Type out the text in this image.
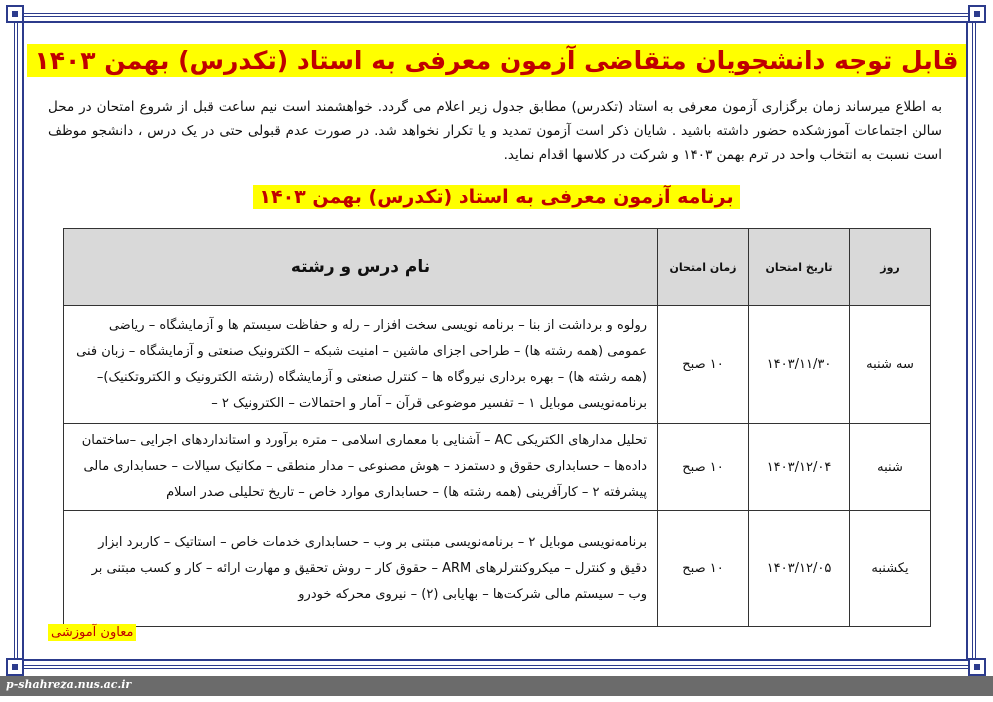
قابل توجه دانشجویان متقاضی آزمون معرفی به استاد (تکدرس) بهمن ۱۴۰۳
به اطلاع میرساند زمان برگزاری آزمون معرفی به استاد (تکدرس) مطابق جدول زیر اعلام می گردد. خواهشمند است نیم ساعت قبل از شروع امتحان در محل سالن اجتماعات آموزشکده حضور داشته باشید . شایان ذکر است آزمون تمدید و یا تکرار نخواهد شد. در صورت عدم قبولی حتی در یک درس ، دانشجو موظف است نسبت به انتخاب واحد در ترم بهمن ۱۴۰۳ و شرکت در کلاسها اقدام نماید.
برنامه آزمون معرفی به استاد (تکدرس) بهمن ۱۴۰۳
روز	تاریخ امتحان	زمان امتحان	نام درس و رشته
سه شنبه	۱۴۰۳/۱۱/۳۰	۱۰ صبح	رولوه و برداشت از بنا – برنامه نویسی سخت افزار – رله و حفاظت سیستم ها و آزمایشگاه – ریاضی عمومی (همه رشته ها) – طراحی اجزای ماشین – امنیت شبکه – الکترونیک صنعتی و آزمایشگاه – زبان فنی (همه رشته ها) – بهره برداری نیروگاه ها – کنترل صنعتی و آزمایشگاه (رشته الکترونیک و الکتروتکنیک)– برنامه‌نویسی موبایل ۱ – تفسیر موضوعی قرآن – آمار و احتمالات – الکترونیک ۲ –
شنبه	۱۴۰۳/۱۲/۰۴	۱۰ صبح	تحلیل مدارهای الکتریکی AC – آشنایی با معماری اسلامی – متره برآورد و استانداردهای اجرایی –ساختمان داده‌ها – حسابداری حقوق و دستمزد – هوش مصنوعی – مدار منطقی – مکانیک سیالات – حسابداری مالی پیشرفته ۲ – کارآفرینی (همه رشته ها) – حسابداری موارد خاص – تاریخ تحلیلی صدر اسلام
یکشنبه	۱۴۰۳/۱۲/۰۵	۱۰ صبح	برنامه‌نویسی موبایل ۲ – برنامه‌نویسی مبتنی بر وب – حسابداری خدمات خاص – استاتیک – کاربرد ابزار دقیق و کنترل – میکروکنترلرهای ARM – حقوق کار – روش تحقیق و مهارت ارائه – کار و کسب مبتنی بر وب – سیستم مالی شرکت‌ها – بهایابی (۲) – نیروی محرکه خودرو
معاون آموزشی
p-shahreza.nus.ac.ir
